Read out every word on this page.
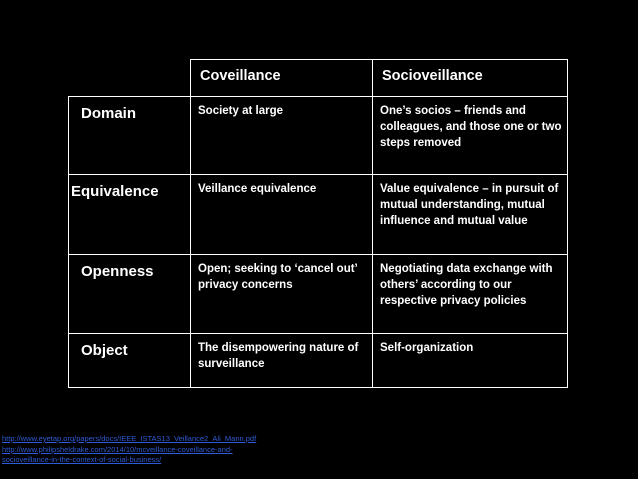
	Coveillance	Socioveillance
Domain	Society at large	One’s socios – friends and colleagues, and those one or two steps removed
Equivalence	Veillance equivalence	Value equivalence – in pursuit of mutual understanding, mutual influence and mutual value
Openness	Open; seeking to ‘cancel out’ privacy concerns	Negotiating data exchange with others’ according to our respective privacy policies
Object	The disempowering nature of surveillance	Self-organization
http://www.eyetap.org/papers/docs/IEEE_ISTAS13_Veillance2_Ali_Mann.pdf
http://www.philipsheldrake.com/2014/10/mcveillance-coveillance-and-
socioveillance-in-the-context-of-social-business/
